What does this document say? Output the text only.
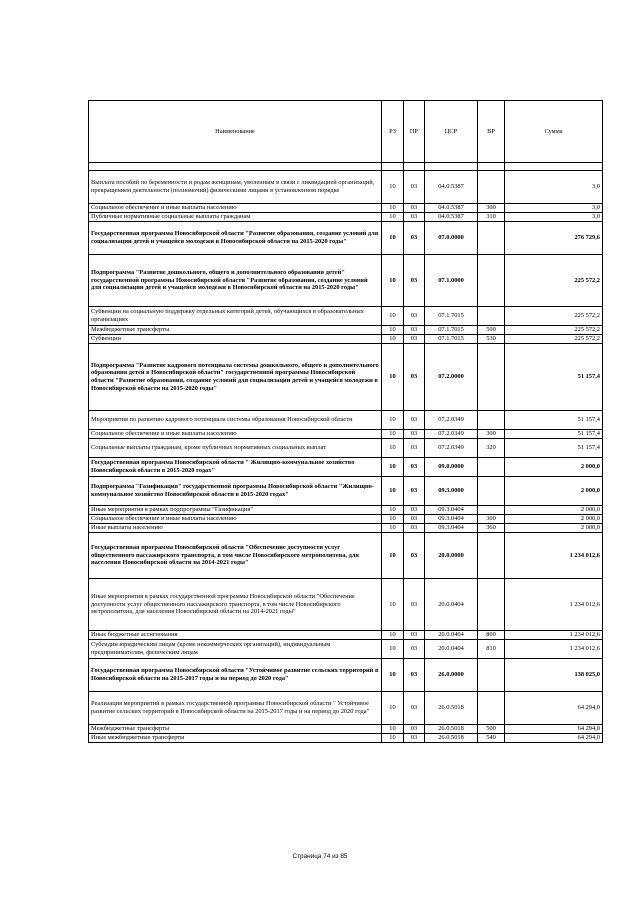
Наименование	РЗ	ПР	ЦСР	ВР	Сумма

Выплата пособий по беременности и родам женщинам, уволенным в связи с ликвидацией организаций, прекращением деятельности (полномочий) физическими лицами в установленном порядке	10	03	04.0.5387		3,0
Социальное обеспечение и иные выплаты населению	10	03	04.0.5387	300	3,0
Публичные нормативные социальные выплаты гражданам	10	03	04.0.5387	310	3,0
Государственная программа Новосибирской области "Развитие образования, создание условий для социализации детей и учащейся молодежи в Новосибирской области на 2015-2020 годы"	10	03	07.0.0000		276 729,6
Подпрограмма "Развитие дошкольного, общего и дополнительного образования детей" государственной программы Новосибирской области "Развитие образования, создание условий для социализации детей и учащейся молодежи в Новосибирской области на 2015-2020 годы"	10	03	07.1.0000		225 572,2
Субвенции на социальную поддержку отдельных категорий детей, обучающихся в образовательных организациях	10	03	07.1.7015		225 572,2
Межбюджетные трансферты	10	03	07.1.7015	500	225 572,2
Субвенции	10	03	07.1.7015	530	225 572,2
Подпрограмма "Развитие кадрового потенциала системы дошкольного, общего и дополнительного образования детей в Новосибирской области" государственной программы Новосибирской области "Развитие образования, создание условий для социализации детей и учащейся молодежи в Новосибирской области на 2015-2020 годы"	10	03	07.2.0000		51 157,4
Мероприятия по развитию кадрового потенциала системы образования Новосибирской области	10	03	07.2.0349		51 157,4
Социальное обеспечение и иные выплаты населению	10	03	07.2.0349	300	51 157,4
Социальные выплаты гражданам, кроме публичных нормативных социальных выплат	10	03	07.2.0349	320	51 157,4
Государственная программа Новосибирской области " Жилищно-коммунальное хозяйство Новосибирской области в 2015-2020 годах"	10	03	09.0.0000		2 000,0
Подпрограмма "Газификация" государственной программы Новосибирской области "Жилищно-коммунальное хозяйство Новосибирской области в 2015-2020 годах"	10	03	09.3.0000		2 000,0
Иные мероприятия в рамках подпрограммы "Газификация"	10	03	09.3.0404		2 000,0
Социальное обеспечение и иные выплаты населению	10	03	09.3.0404	300	2 000,0
Иные выплаты населению	10	03	09.3.0404	360	2 000,0
Государственная программа Новосибирской области "Обеспечение доступности услуг общественного пассажирского транспорта, в том числе Новосибирского метрополитена, для населения Новосибирской области на 2014-2021 годы"	10	03	20.0.0000		1 234 012,6
Иные мероприятия в рамках государственной программы Новосибирской области "Обеспечение доступности услуг общественного пассажирского транспорта, в том числе Новосибирского метрополитена, для населения Новосибирской области на 2014-2021 годы"	10	03	20.0.0404		1 234 012,6
Иные бюджетные ассигнования	10	03	20.0.0404	800	1 234 012,6
Субсидии юридическим лицам (кроме некоммерческих организаций), индивидуальным предпринимателям, физическим лицам	10	03	20.0.0404	810	1 234 012,6
Государственная программа Новосибирской области "Устойчивое развитие сельских территорий в Новосибирской области на 2015-2017 годы и на период до 2020 года"	10	03	26.0.0000		138 025,0
Реализация мероприятий в рамках государственной программы Новосибирской области " Устойчивое развитие сельских территорий в Новосибирской области на 2015-2017 годы и на период до 2020 года"	10	03	26.0.5018		64 294,0
Межбюджетные трансферты	10	03	26.0.5018	500	64 294,0
Иные межбюджетные трансферты	10	03	26.0.5018	540	64 294,0
Страница 74 из 85
